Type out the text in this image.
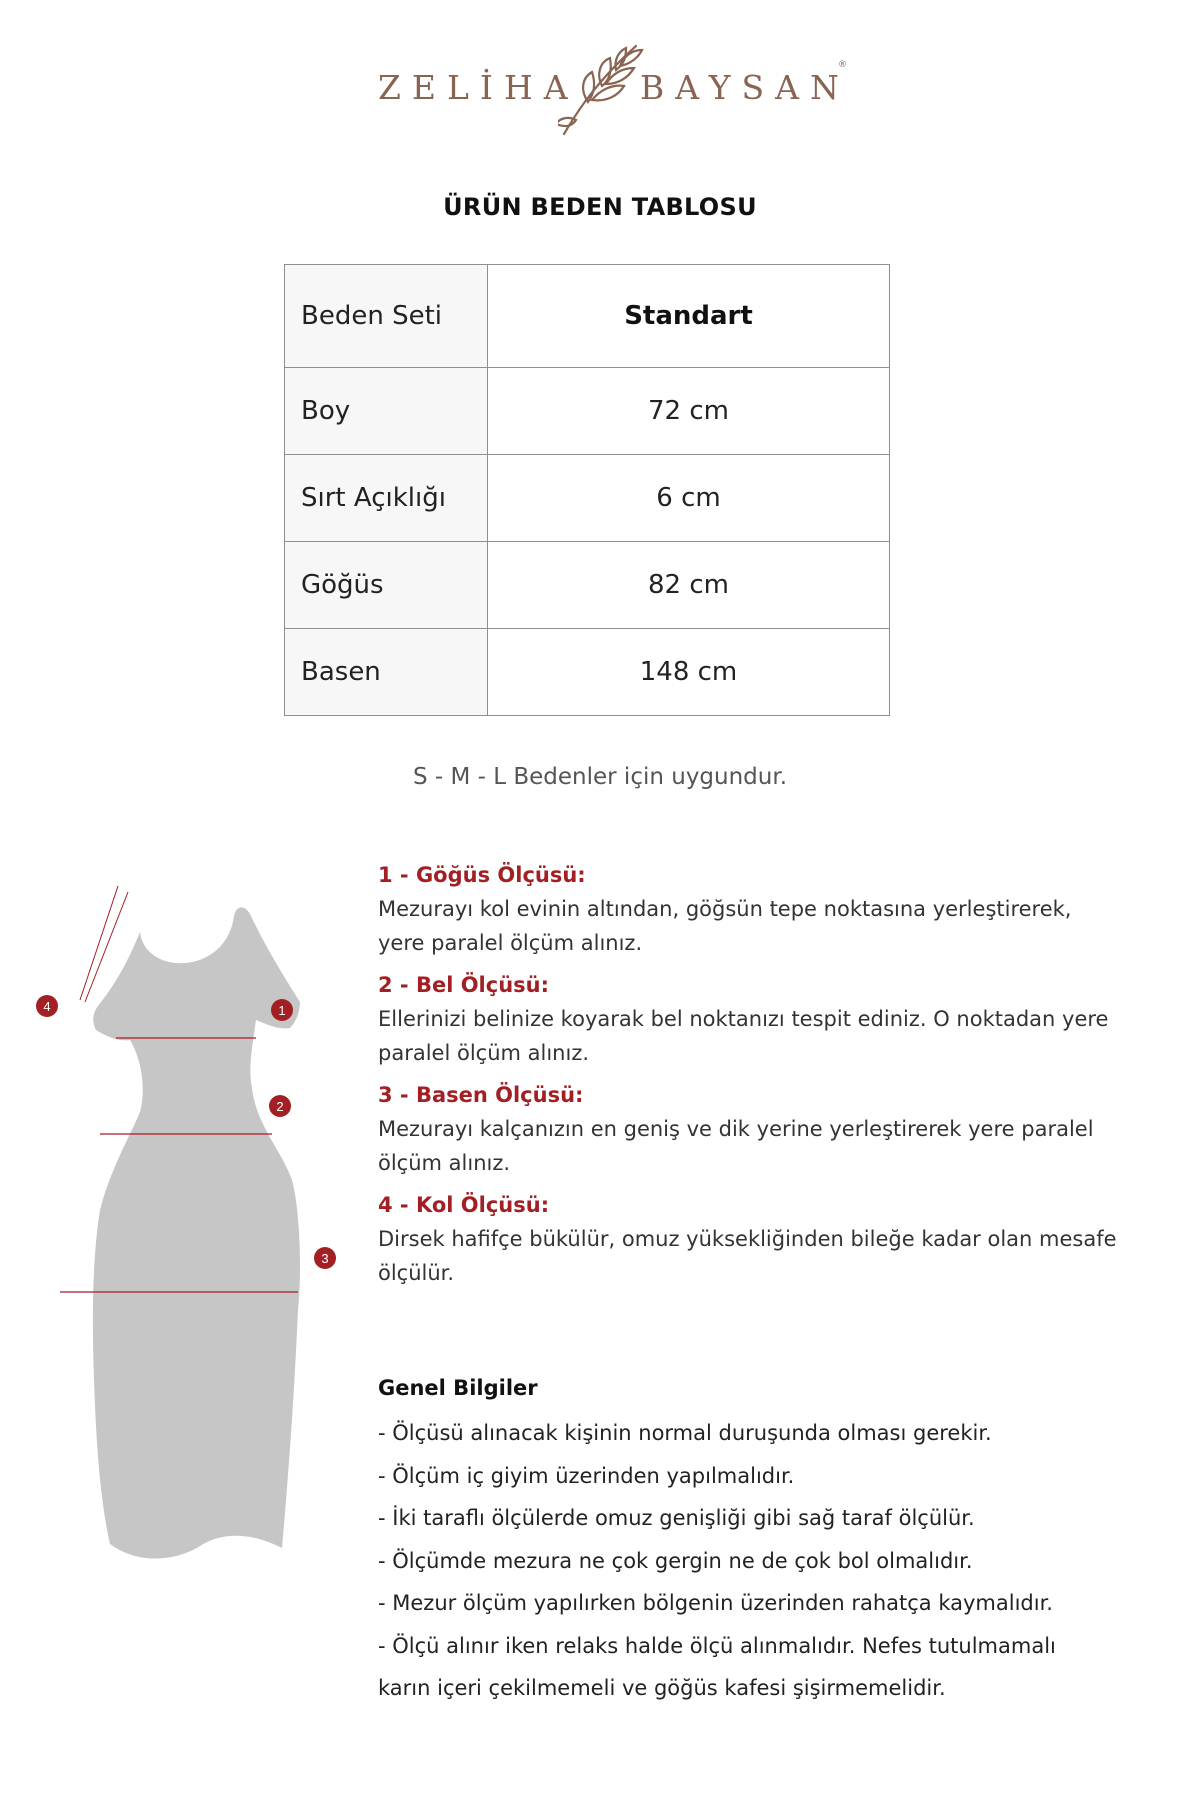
ZELİHA BAYSAN
®
ÜRÜN BEDEN TABLOSU
Beden Seti	Standart
Boy	72 cm
Sırt Açıklığı	6 cm
Göğüs	82 cm
Basen	148 cm
S - M - L Bedenler için uygundur.
4	1
2
3
1 - Göğüs Ölçüsü:
Mezurayı kol evinin altından, göğsün tepe noktasına yerleştirerek, yere paralel ölçüm alınız.
2 - Bel Ölçüsü:
Ellerinizi belinize koyarak bel noktanızı tespit ediniz. O noktadan yere paralel ölçüm alınız.
3 - Basen Ölçüsü:
Mezurayı kalçanızın en geniş ve dik yerine yerleştirerek yere paralel ölçüm alınız.
4 - Kol Ölçüsü:
Dirsek hafifçe bükülür, omuz yüksekliğinden bileğe kadar olan mesafe ölçülür.
Genel Bilgiler
- Ölçüsü alınacak kişinin normal duruşunda olması gerekir.
- Ölçüm iç giyim üzerinden yapılmalıdır.
- İki taraflı ölçülerde omuz genişliği gibi sağ taraf ölçülür.
- Ölçümde mezura ne çok gergin ne de çok bol olmalıdır.
- Mezur ölçüm yapılırken bölgenin üzerinden rahatça kaymalıdır.
- Ölçü alınır iken relaks halde ölçü alınmalıdır. Nefes tutulmamalı
karın içeri çekilmemeli ve göğüs kafesi şişirmemelidir.
